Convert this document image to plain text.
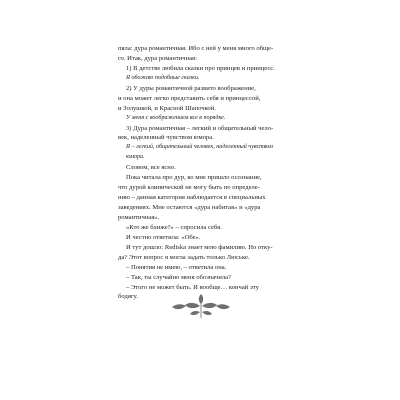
пяла: дура романтичная. Ибо с ней у меня много обще-
го. Итак, дура романтичная:
1) В детстве любила сказки про принцев и принцесс.
Я обожаю подобные сказки.
2) У дуры романтичной развито воображение,
и она может легко представить себя и принцессой,
и Золушкой, и Красной Шапочкой.
У меня с воображением все в порядке.
3) Дура романтичная – легкий и общительный чело-
век, наделенный чувством юмора.
Я – легкий, общительный человек, наделенный чувством
юмора.
Словом, все ясно.
Пока читала про дур, ко мне пришло осознание,
что дурой клинической не могу быть по определе-
нию – данная категория наблюдается в специальных
заведениях. Мне остаются «дура набитая» и «дура
романтичная».
«Кто же ближе?» – спросила себя.
И честно ответила: «Обе».
И тут дошло: Rediska знает мою фамилию. Но отку-
да? Этот вопрос я могла задать только Люське.
– Понятия не имею, – ответила она.
– Так, ты случайно меня обозначила?
– Этого не может быть. И вообще… кончай эту
бодягу.
